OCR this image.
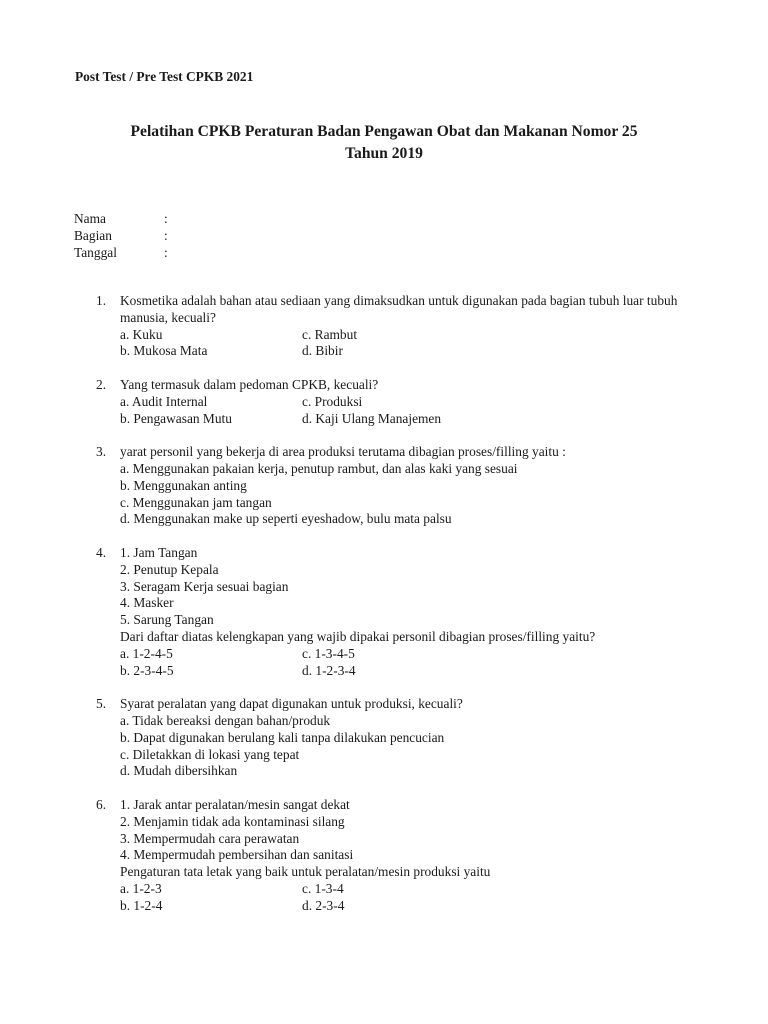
Post Test / Pre Test CPKB 2021
Pelatihan CPKB Peraturan Badan Pengawan Obat dan Makanan Nomor 25
Tahun 2019
Nama	:
Bagian	:
Tanggal	:
1.	Kosmetika adalah bahan atau sediaan yang dimaksudkan untuk digunakan pada bagian tubuh luar tubuh manusia, kecuali?
a. Kuku	c. Rambut
b. Mukosa Mata	d. Bibir
2.	Yang termasuk dalam pedoman CPKB, kecuali?
a. Audit Internal	c. Produksi
b. Pengawasan Mutu	d. Kaji Ulang Manajemen
3.	yarat personil yang bekerja di area produksi terutama dibagian proses/filling yaitu :
a. Menggunakan pakaian kerja, penutup rambut, dan alas kaki yang sesuai
b. Menggunakan anting
c. Menggunakan jam tangan
d. Menggunakan make up seperti eyeshadow, bulu mata palsu
4.	1. Jam Tangan
2. Penutup Kepala
3. Seragam Kerja sesuai bagian
4. Masker
5. Sarung Tangan
Dari daftar diatas kelengkapan yang wajib dipakai personil dibagian proses/filling yaitu?
a. 1-2-4-5	c. 1-3-4-5
b. 2-3-4-5	d. 1-2-3-4
5.	Syarat peralatan yang dapat digunakan untuk produksi, kecuali?
a. Tidak bereaksi dengan bahan/produk
b. Dapat digunakan berulang kali tanpa dilakukan pencucian
c. Diletakkan di lokasi yang tepat
d. Mudah dibersihkan
6.	1. Jarak antar peralatan/mesin sangat dekat
2. Menjamin tidak ada kontaminasi silang
3. Mempermudah cara perawatan
4. Mempermudah pembersihan dan sanitasi
Pengaturan tata letak yang baik untuk peralatan/mesin produksi yaitu
a. 1-2-3	c. 1-3-4
b. 1-2-4	d. 2-3-4
